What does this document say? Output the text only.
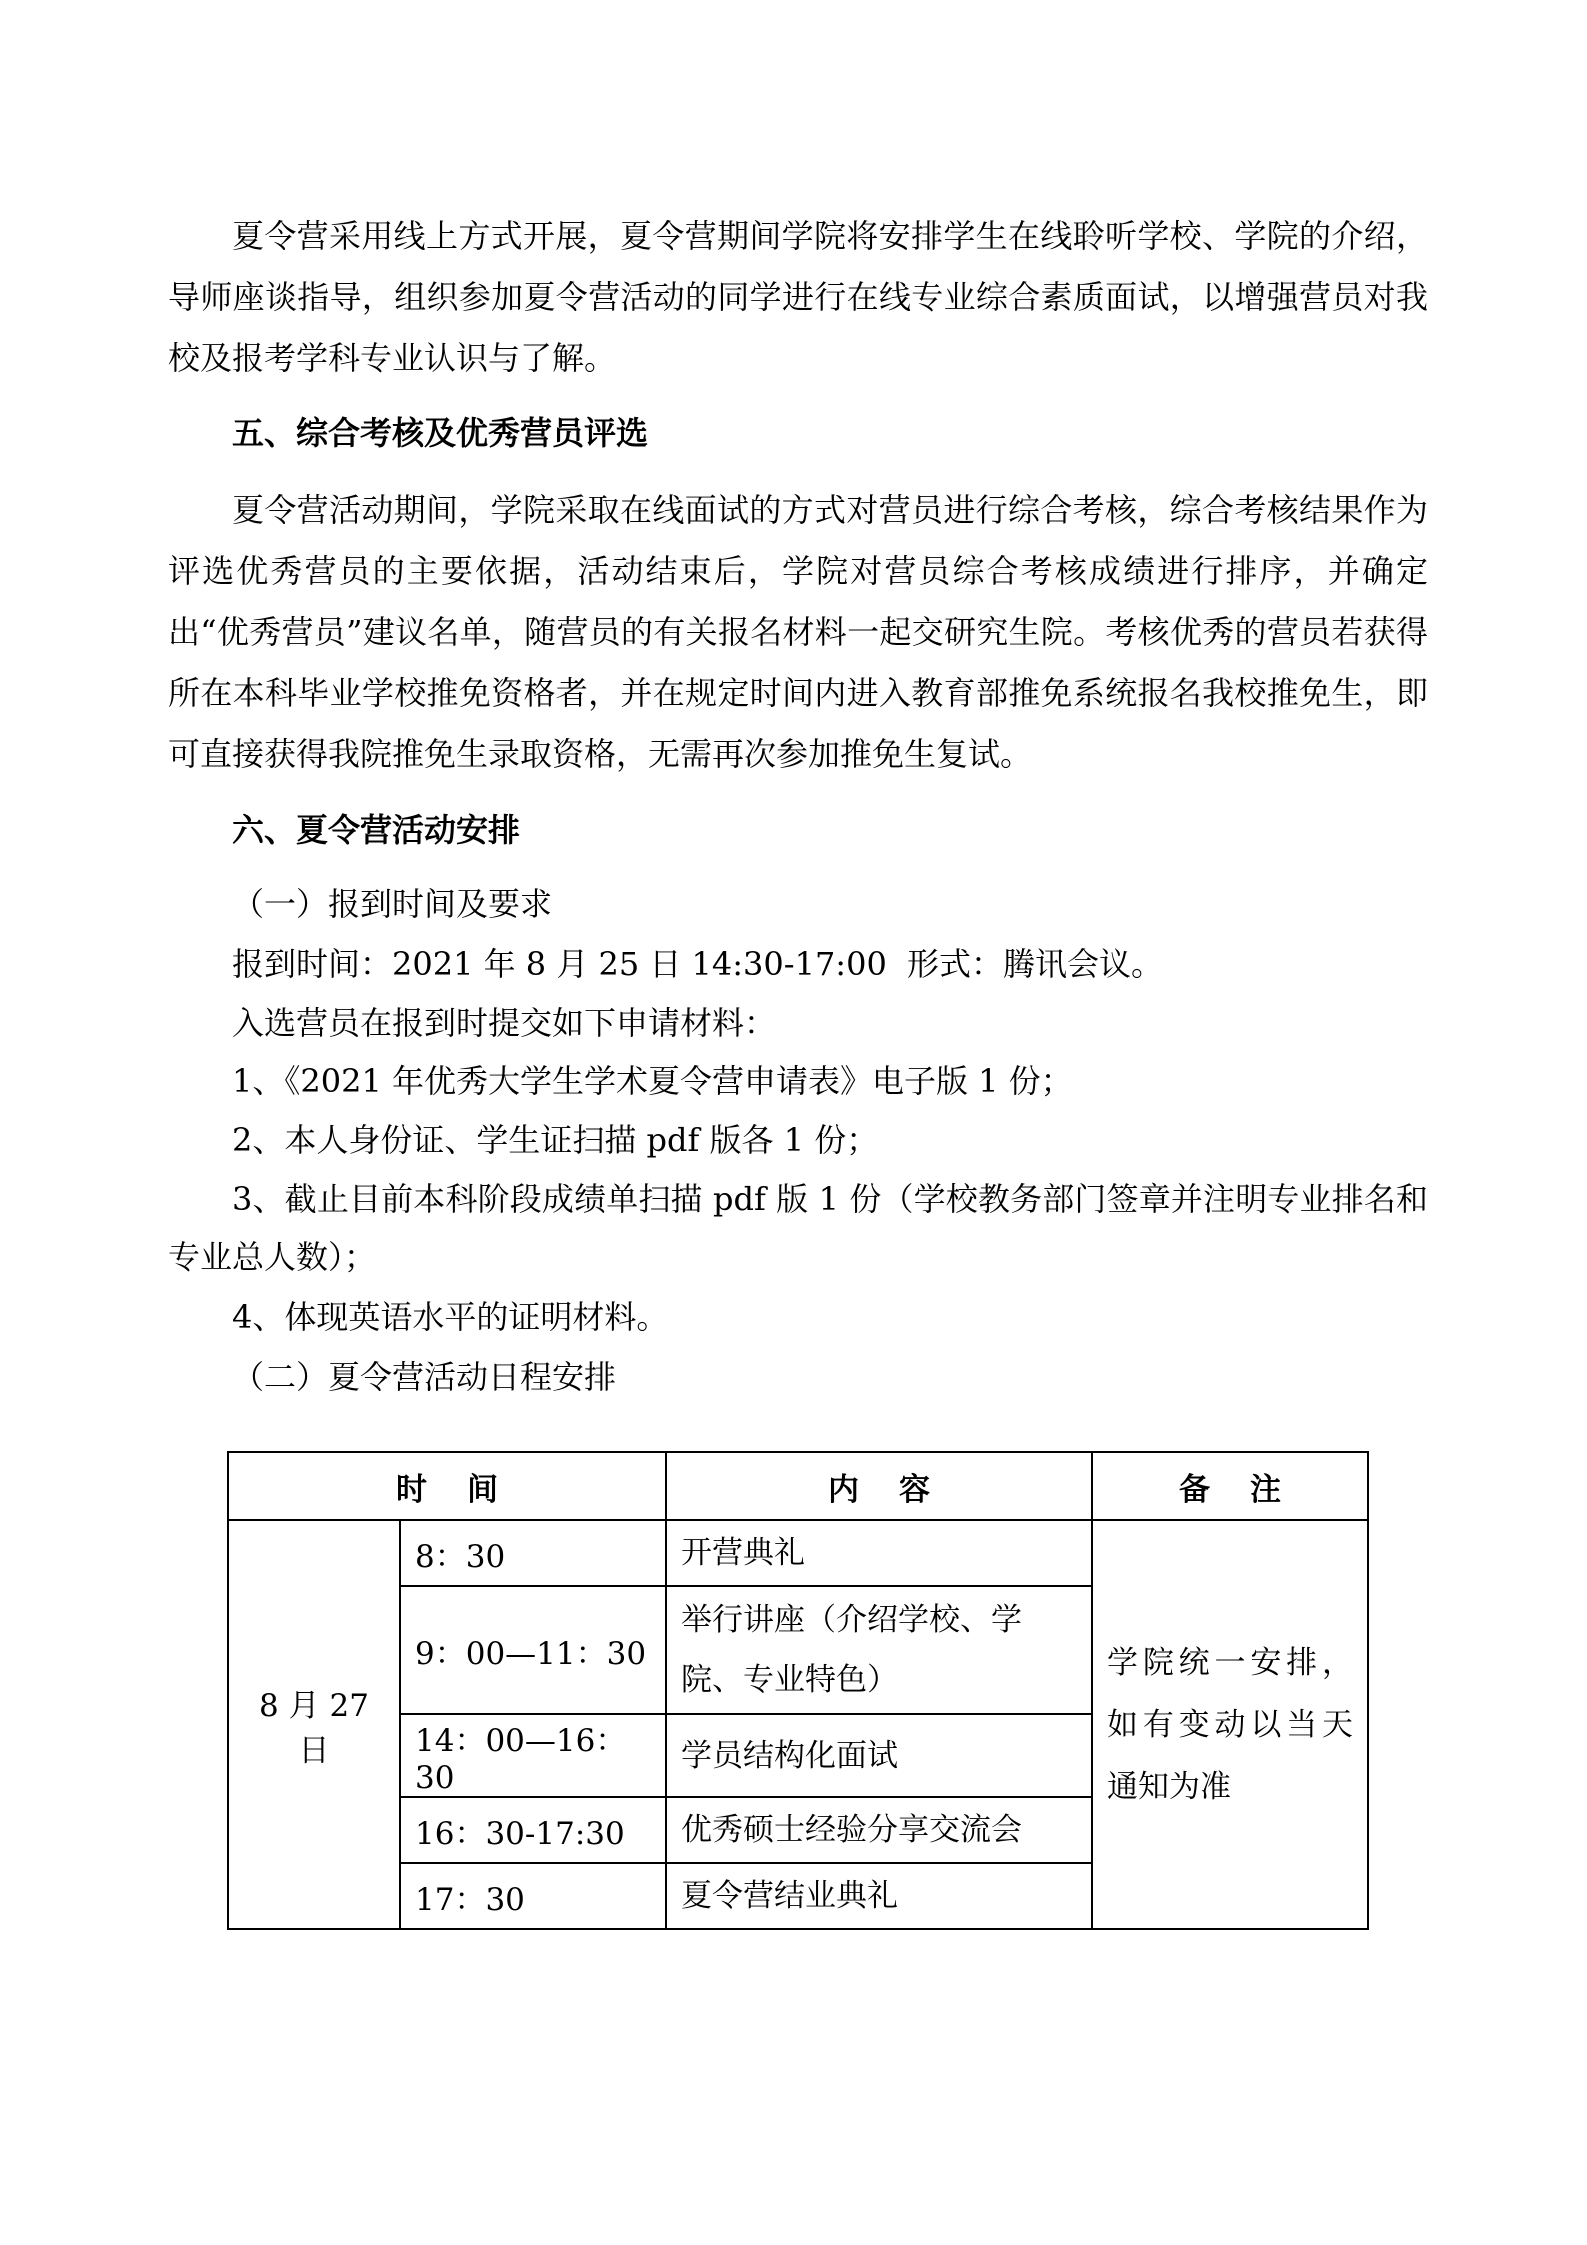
夏令营采用线上方式开展，夏令营期间学院将安排学生在线聆听学校、学院的介绍，导师座谈指导，组织参加夏令营活动的同学进行在线专业综合素质面试，以增强营员对我校及报考学科专业认识与了解。

五、综合考核及优秀营员评选

夏令营活动期间，学院采取在线面试的方式对营员进行综合考核，综合考核结果作为评选优秀营员的主要依据，活动结束后，学院对营员综合考核成绩进行排序，并确定出“优秀营员”建议名单，随营员的有关报名材料一起交研究生院。考核优秀的营员若获得所在本科毕业学校推免资格者，并在规定时间内进入教育部推免系统报名我校推免生，即可直接获得我院推免生录取资格，无需再次参加推免生复试。

六、夏令营活动安排

（一）报到时间及要求

报到时间：2021 年 8 月 25 日 14:30-17:00 形式：腾讯会议。

入选营员在报到时提交如下申请材料：

1、《2021 年优秀大学生学术夏令营申请表》电子版 1 份；

2、本人身份证、学生证扫描 pdf 版各 1 份；

3、截止目前本科阶段成绩单扫描 pdf 版 1 份（学校教务部门签章并注明专业排名和专业总人数）；

4、体现英语水平的证明材料。

（二）夏令营活动日程安排

时间		内容	备注
8 月 27 日	8：30	开营典礼	学院统一安排，如有变动以当天通知为准
	9：00—11：30	举行讲座（介绍学校、学院、专业特色）	
	14：00—16：30	学员结构化面试	
	16：30-17:30	优秀硕士经验分享交流会	
	17：30	夏令营结业典礼	
